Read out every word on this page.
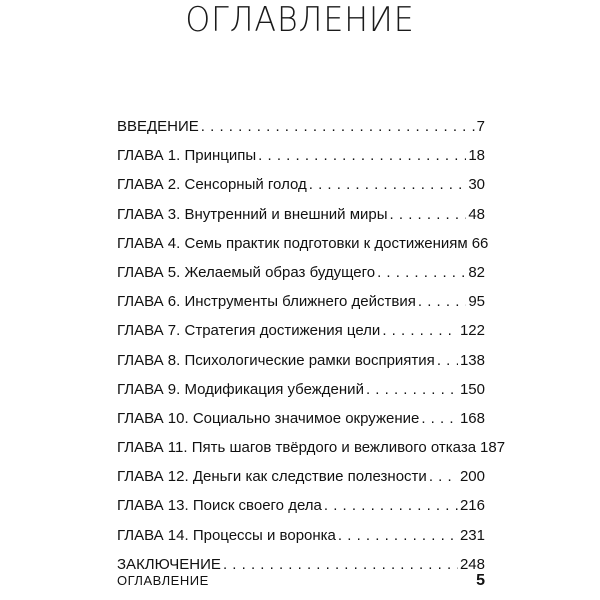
ОГЛАВЛЕНИЕ
ВВЕДЕНИЕ . . .	7
ГЛАВА 1. Принципы . . .	18
ГЛАВА 2. Сенсорный голод . . .	30
ГЛАВА 3. Внутренний и внешний миры . . .	48
ГЛАВА 4. Семь практик подготовки к достижениям 66
ГЛАВА 5. Желаемый образ будущего . . .	82
ГЛАВА 6. Инструменты ближнего действия . . .	95
ГЛАВА 7. Стратегия достижения цели . . .	122
ГЛАВА 8. Психологические рамки восприятия . . . 138
ГЛАВА 9. Модификация убеждений . . .	150
ГЛАВА 10. Социально значимое окружение . . .	168
ГЛАВА 11. Пять шагов твёрдого и вежливого отказа 187
ГЛАВА 12. Деньги как следствие полезности . . . 200
ГЛАВА 13. Поиск своего дела . . .	216
ГЛАВА 14. Процессы и воронка . . .	231
ЗАКЛЮЧЕНИЕ . . .	248
ОГЛАВЛЕНИЕ	5
